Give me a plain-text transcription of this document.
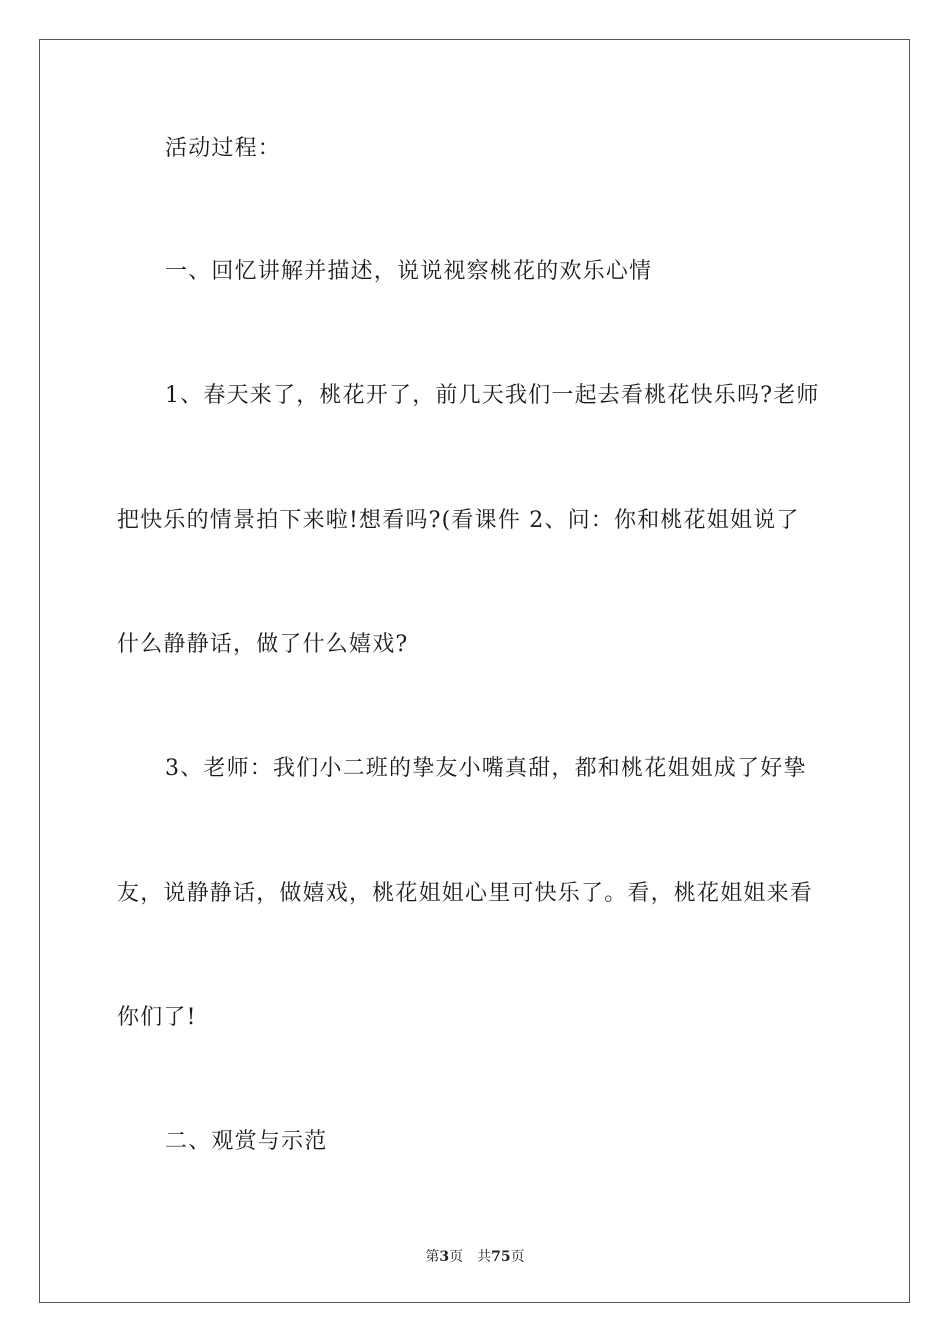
活动过程：
一、回忆讲解并描述，说说视察桃花的欢乐心情
1、春天来了，桃花开了，前几天我们一起去看桃花快乐吗?老师
把快乐的情景拍下来啦!想看吗?(看课件 2、问：你和桃花姐姐说了
什么静静话，做了什么嬉戏?
3、老师：我们小二班的挚友小嘴真甜，都和桃花姐姐成了好挚
友，说静静话，做嬉戏，桃花姐姐心里可快乐了。看，桃花姐姐来看
你们了!
二、观赏与示范
第3页 共75页
